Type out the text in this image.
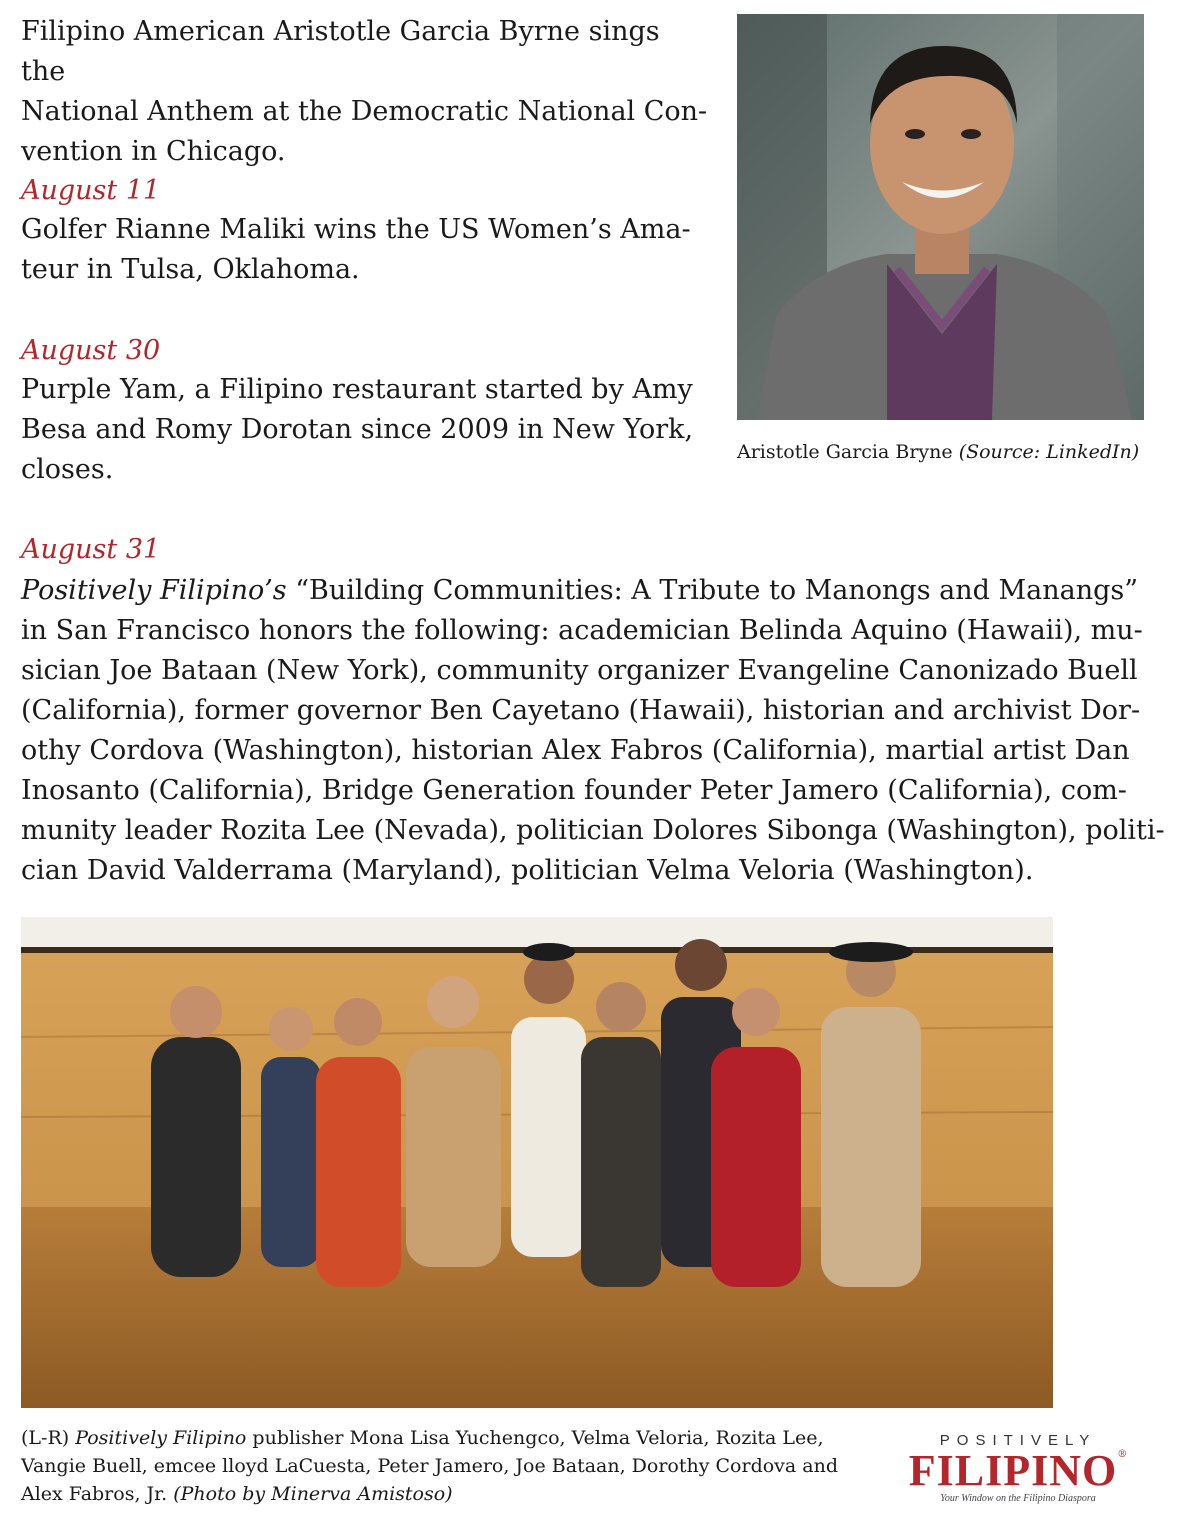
Filipino American Aristotle Garcia Byrne sings the
National Anthem at the Democratic National Con-
vention in Chicago.
August 11
Golfer Rianne Maliki wins the US Women’s Ama-
teur in Tulsa, Oklahoma.
August 30
Purple Yam, a Filipino restaurant started by Amy
Besa and Romy Dorotan since 2009 in New York,
closes.
Aristotle Garcia Bryne (Source: LinkedIn)
August 31
Positively Filipino’s “Building Communities: A Tribute to Manongs and Manangs”
in San Francisco honors the following: academician Belinda Aquino (Hawaii), mu-
sician Joe Bataan (New York), community organizer Evangeline Canonizado Buell
(California), former governor Ben Cayetano (Hawaii), historian and archivist Dor-
othy Cordova (Washington), historian Alex Fabros (California), martial artist Dan
Inosanto (California), Bridge Generation founder Peter Jamero (California), com-
munity leader Rozita Lee (Nevada), politician Dolores Sibonga (Washington), politi-
cian David Valderrama (Maryland), politician Velma Veloria (Washington).
(L-R) Positively Filipino publisher Mona Lisa Yuchengco, Velma Veloria, Rozita Lee,
Vangie Buell, emcee lloyd LaCuesta, Peter Jamero, Joe Bataan, Dorothy Cordova and
Alex Fabros, Jr. (Photo by Minerva Amistoso)
POSITIVELY
FILIPINO®
Your Window on the Filipino Diaspora
